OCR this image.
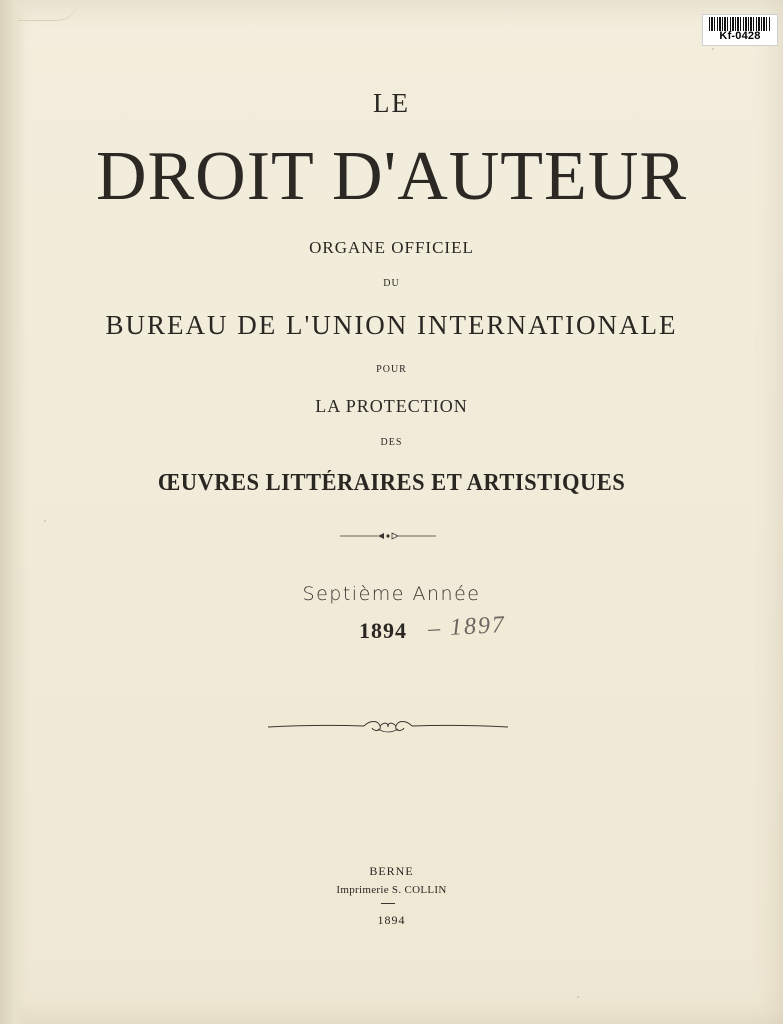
Kf-0428
LE
DROIT D'AUTEUR
ORGANE OFFICIEL
DU
BUREAU DE L'UNION INTERNATIONALE
POUR
LA PROTECTION
DES
ŒUVRES LITTÉRAIRES ET ARTISTIQUES
Septième Année
1894 – 1897
BERNE
Imprimerie S. COLLIN
1894
